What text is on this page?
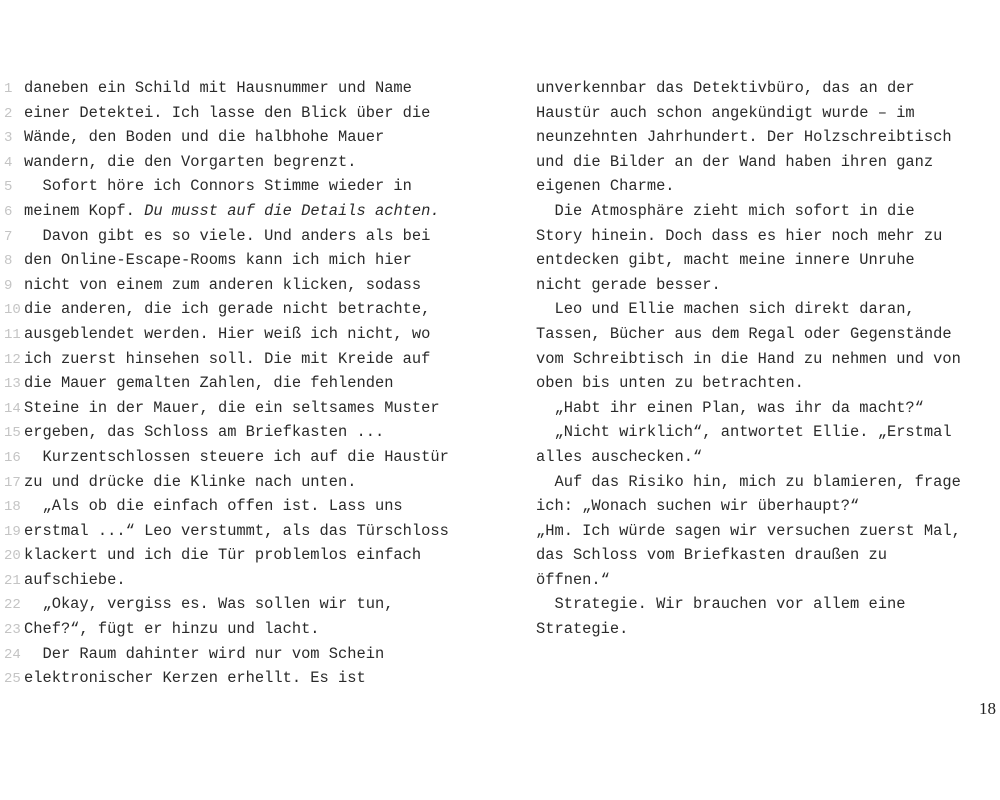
1 daneben ein Schild mit Hausnummer und Name
2 einer Detektei. Ich lasse den Blick über die
3 Wände, den Boden und die halbhohe Mauer
4 wandern, die den Vorgarten begrenzt.
5  Sofort höre ich Connors Stimme wieder in
6 meinem Kopf. Du musst auf die Details achten.
7  Davon gibt es so viele. Und anders als bei
8 den Online-Escape-Rooms kann ich mich hier
9 nicht von einem zum anderen klicken, sodass
10 die anderen, die ich gerade nicht betrachte,
11 ausgeblendet werden. Hier weiß ich nicht, wo
12 ich zuerst hinsehen soll. Die mit Kreide auf
13 die Mauer gemalten Zahlen, die fehlenden
14 Steine in der Mauer, die ein seltsames Muster
15 ergeben, das Schloss am Briefkasten ...
16  Kurzentschlossen steuere ich auf die Haustür
17 zu und drücke die Klinke nach unten.
18  „Als ob die einfach offen ist. Lass uns
19 erstmal ...“ Leo verstummt, als das Türschloss
20 klackert und ich die Tür problemlos einfach
21 aufschiebe.
22  „Okay, vergiss es. Was sollen wir tun,
23 Chef?“, fügt er hinzu und lacht.
24  Der Raum dahinter wird nur vom Schein
25 elektronischer Kerzen erhellt. Es ist
unverkennbar das Detektivbüro, das an der
Haustür auch schon angekündigt wurde – im
neunzehnten Jahrhundert. Der Holzschreibtisch
und die Bilder an der Wand haben ihren ganz
eigenen Charme.
Die Atmosphäre zieht mich sofort in die
Story hinein. Doch dass es hier noch mehr zu
entdecken gibt, macht meine innere Unruhe
nicht gerade besser.
Leo und Ellie machen sich direkt daran,
Tassen, Bücher aus dem Regal oder Gegenstände
vom Schreibtisch in die Hand zu nehmen und von
oben bis unten zu betrachten.
„Habt ihr einen Plan, was ihr da macht?“
„Nicht wirklich“, antwortet Ellie. „Erstmal
alles auschecken.“
Auf das Risiko hin, mich zu blamieren, frage
ich: „Wonach suchen wir überhaupt?“
„Hm. Ich würde sagen wir versuchen zuerst Mal,
das Schloss vom Briefkasten draußen zu
öffnen.“
Strategie. Wir brauchen vor allem eine
Strategie.
18
